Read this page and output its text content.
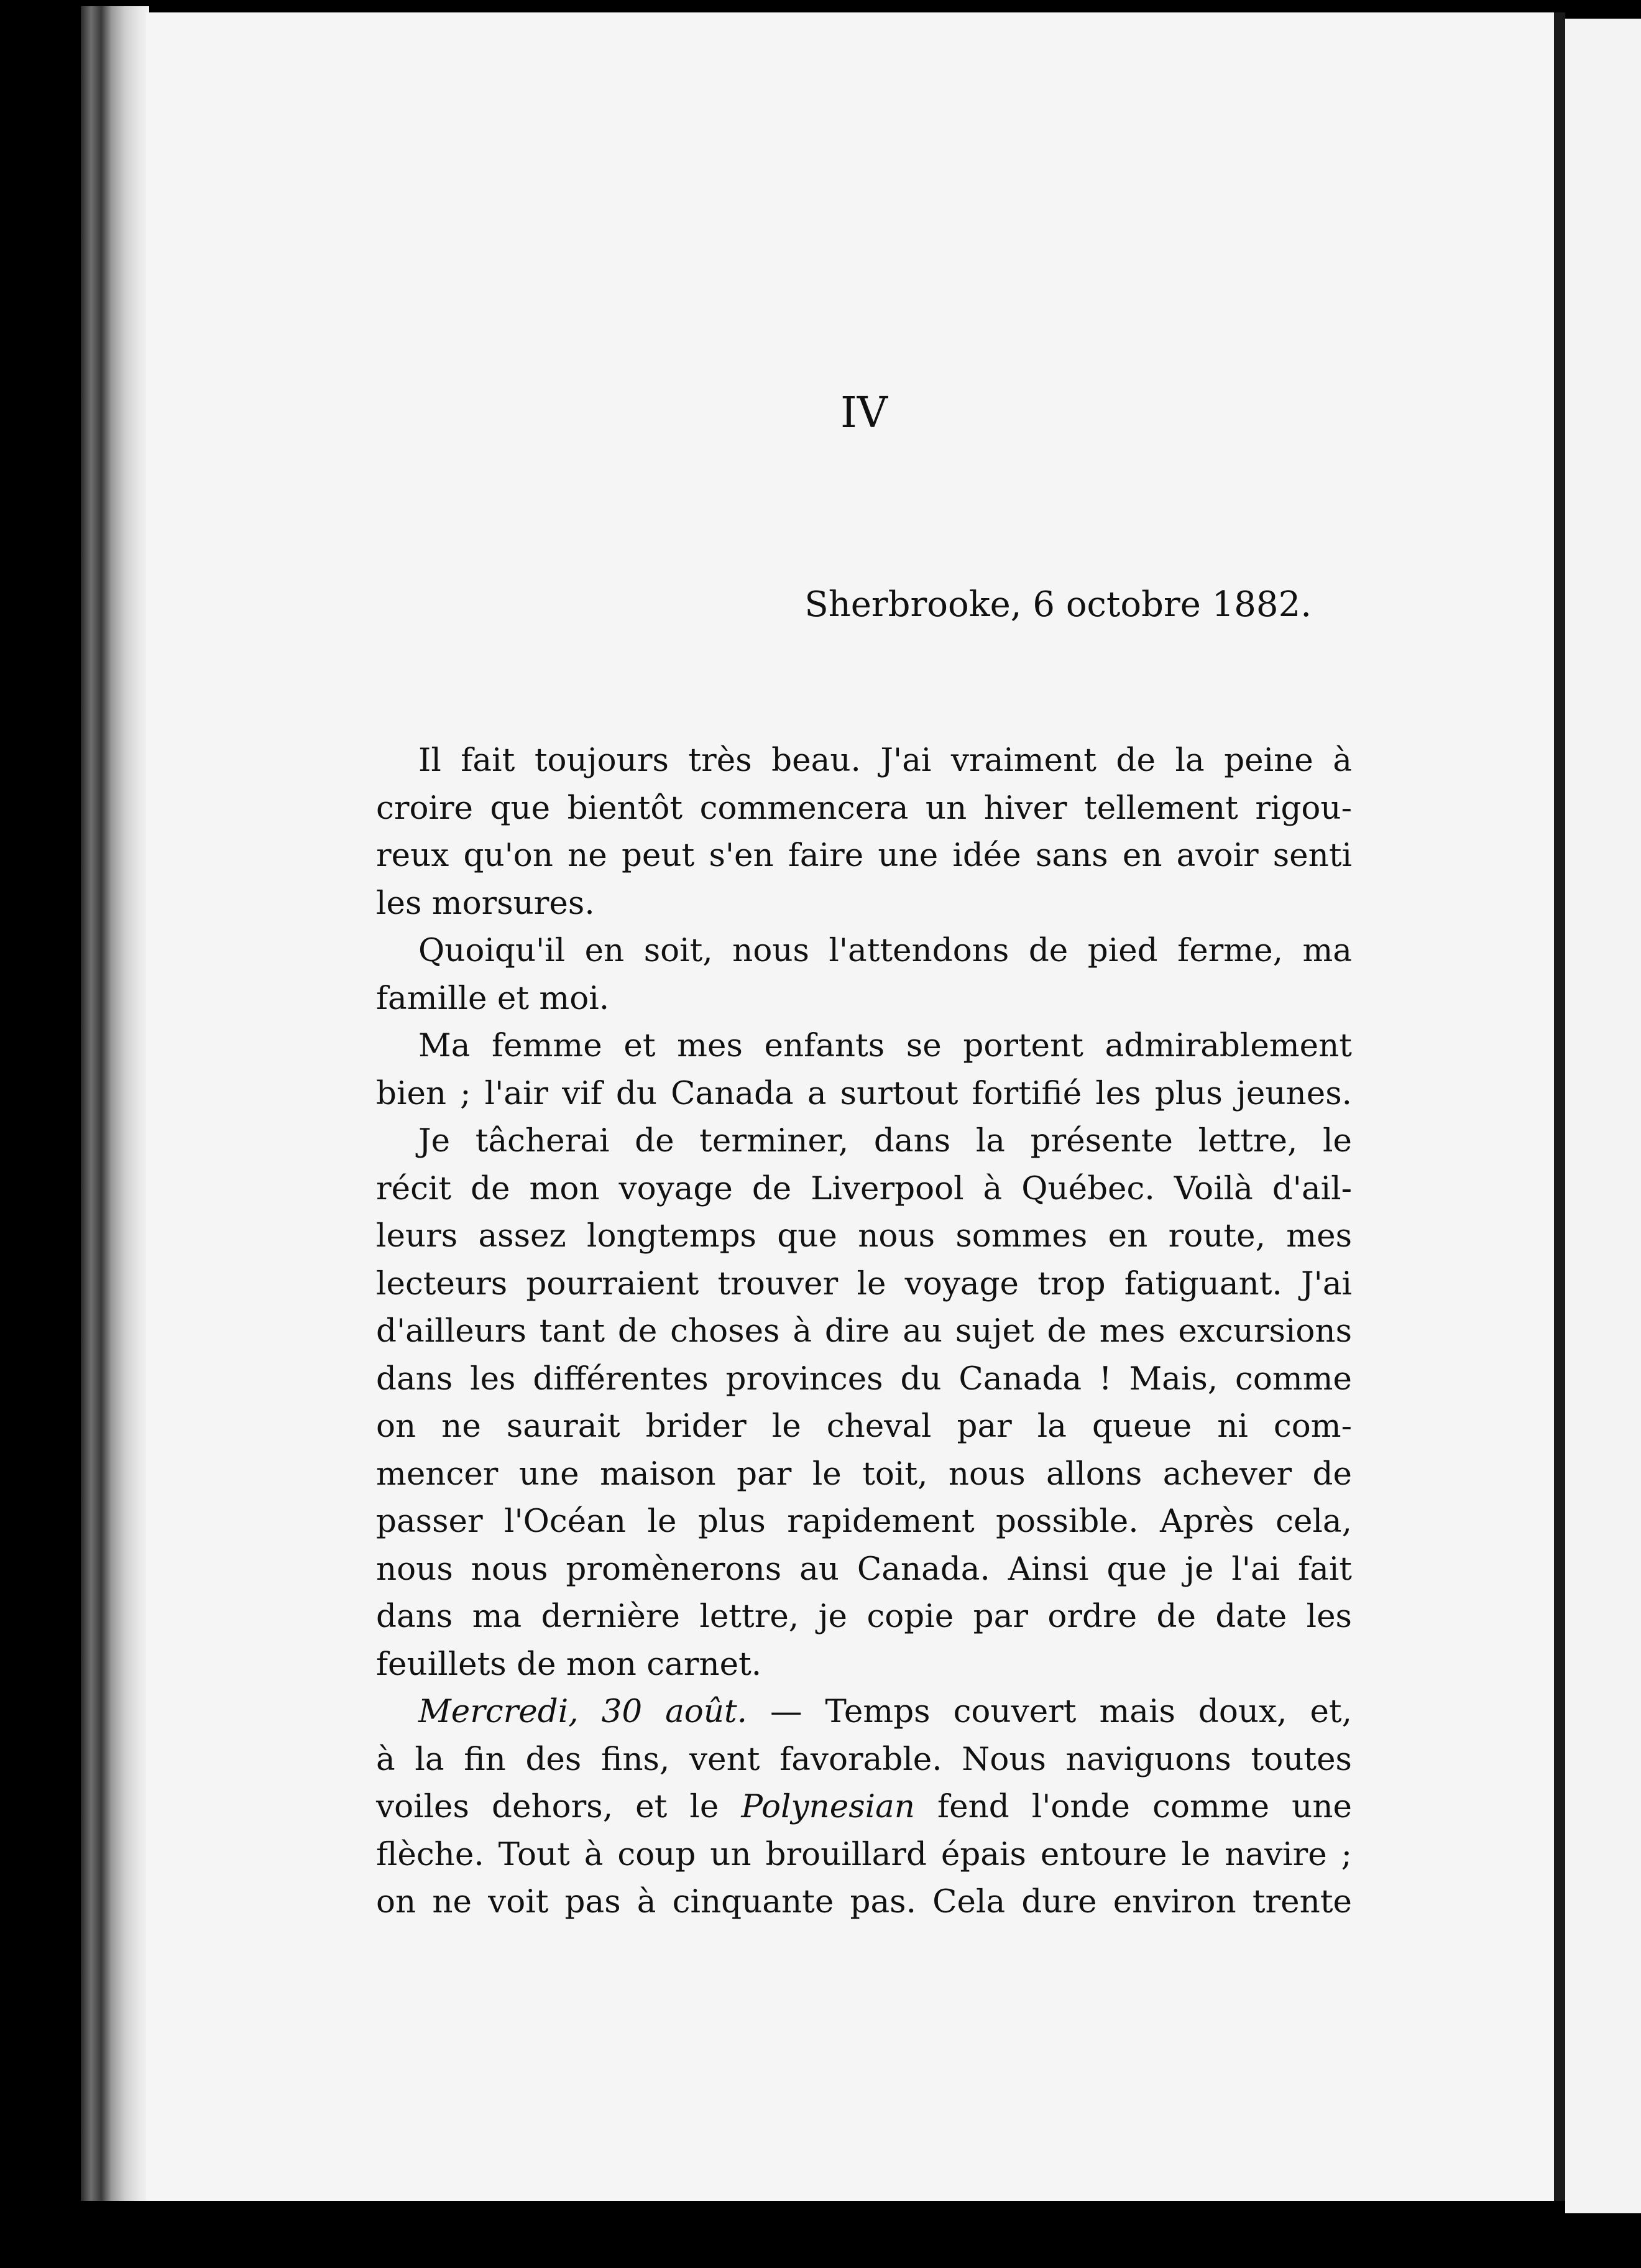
IV
Sherbrooke, 6 octobre 1882.
Il fait toujours très beau. J'ai vraiment de la peine à
croire que bientôt commencera un hiver tellement rigou-
reux qu'on ne peut s'en faire une idée sans en avoir senti
les morsures.
Quoiqu'il en soit, nous l'attendons de pied ferme, ma
famille et moi.
Ma femme et mes enfants se portent admirablement
bien ; l'air vif du Canada a surtout fortifié les plus jeunes.
Je tâcherai de terminer, dans la présente lettre, le
récit de mon voyage de Liverpool à Québec. Voilà d'ail-
leurs assez longtemps que nous sommes en route, mes
lecteurs pourraient trouver le voyage trop fatiguant. J'ai
d'ailleurs tant de choses à dire au sujet de mes excursions
dans les différentes provinces du Canada ! Mais, comme
on ne saurait brider le cheval par la queue ni com-
mencer une maison par le toit, nous allons achever de
passer l'Océan le plus rapidement possible. Après cela,
nous nous promènerons au Canada. Ainsi que je l'ai fait
dans ma dernière lettre, je copie par ordre de date les
feuillets de mon carnet.
Mercredi, 30 août. — Temps couvert mais doux, et,
à la fin des fins, vent favorable. Nous naviguons toutes
voiles dehors, et le Polynesian fend l'onde comme une
flèche. Tout à coup un brouillard épais entoure le navire ;
on ne voit pas à cinquante pas. Cela dure environ trente
